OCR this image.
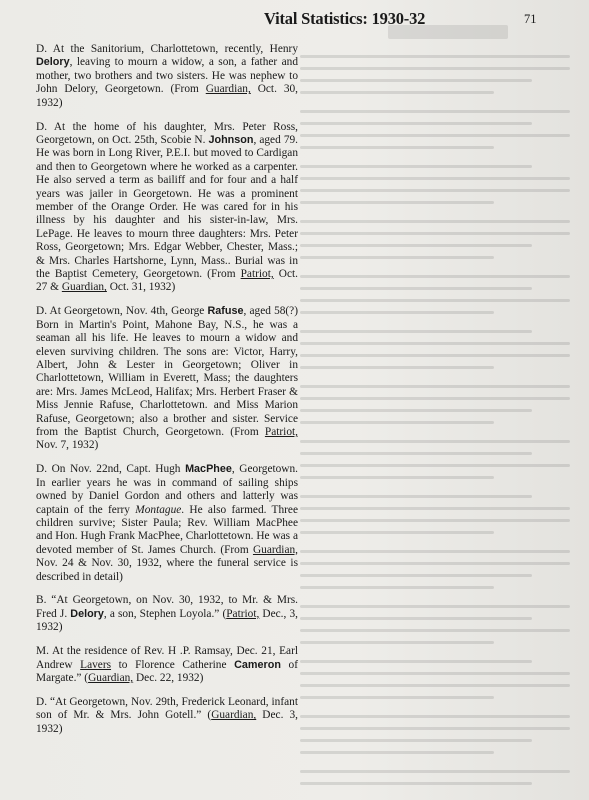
Vital Statistics: 1930-32	71

D. At the Sanitorium, Charlottetown, recently, Henry Delory, leaving to mourn a widow, a son, a father and mother, two brothers and two sisters. He was nephew to John Delory, Georgetown. (From Guardian, Oct. 30, 1932)

D. At the home of his daughter, Mrs. Peter Ross, Georgetown, on Oct. 25th, Scobie N. Johnson, aged 79. He was born in Long River, P.E.I. but moved to Cardigan and then to Georgetown where he worked as a carpenter. He also served a term as bailiff and for four and a half years was jailer in Georgetown. He was a prominent member of the Orange Order. He was cared for in his illness by his daughter and his sister-in-law, Mrs. LePage. He leaves to mourn three daughters: Mrs. Peter Ross, Georgetown; Mrs. Edgar Webber, Chester, Mass.; & Mrs. Charles Hartshorne, Lynn, Mass.. Burial was in the Baptist Cemetery, Georgetown. (From Patriot, Oct. 27 & Guardian, Oct. 31, 1932)

D. At Georgetown, Nov. 4th, George Rafuse, aged 58(?) Born in Martin's Point, Mahone Bay, N.S., he was a seaman all his life. He leaves to mourn a widow and eleven surviving children. The sons are: Victor, Harry, Albert, John & Lester in Georgetown; Oliver in Charlottetown, William in Everett, Mass; the daughters are: Mrs. James McLeod, Halifax; Mrs. Herbert Fraser & Miss Jennie Rafuse, Charlottetown. and Miss Marion Rafuse, Georgetown; also a brother and sister. Service from the Baptist Church, Georgetown. (From Patriot, Nov. 7, 1932)

D. On Nov. 22nd, Capt. Hugh MacPhee, Georgetown. In earlier years he was in command of sailing ships owned by Daniel Gordon and others and latterly was captain of the ferry Montague. He also farmed. Three children survive; Sister Paula; Rev. William MacPhee and Hon. Hugh Frank MacPhee, Charlottetown. He was a devoted member of St. James Church. (From Guardian, Nov. 24 & Nov. 30, 1932, where the funeral service is described in detail)

B. “At Georgetown, on Nov. 30, 1932, to Mr. & Mrs. Fred J. Delory, a son, Stephen Loyola.” (Patriot, Dec., 3, 1932)

M. At the residence of Rev. H .P. Ramsay, Dec. 21, Earl Andrew Lavers to Florence Catherine Cameron of Margate.” (Guardian, Dec. 22, 1932)

D. “At Georgetown, Nov. 29th, Frederick Leonard, infant son of Mr. & Mrs. John Gotell.” (Guardian, Dec. 3, 1932)
